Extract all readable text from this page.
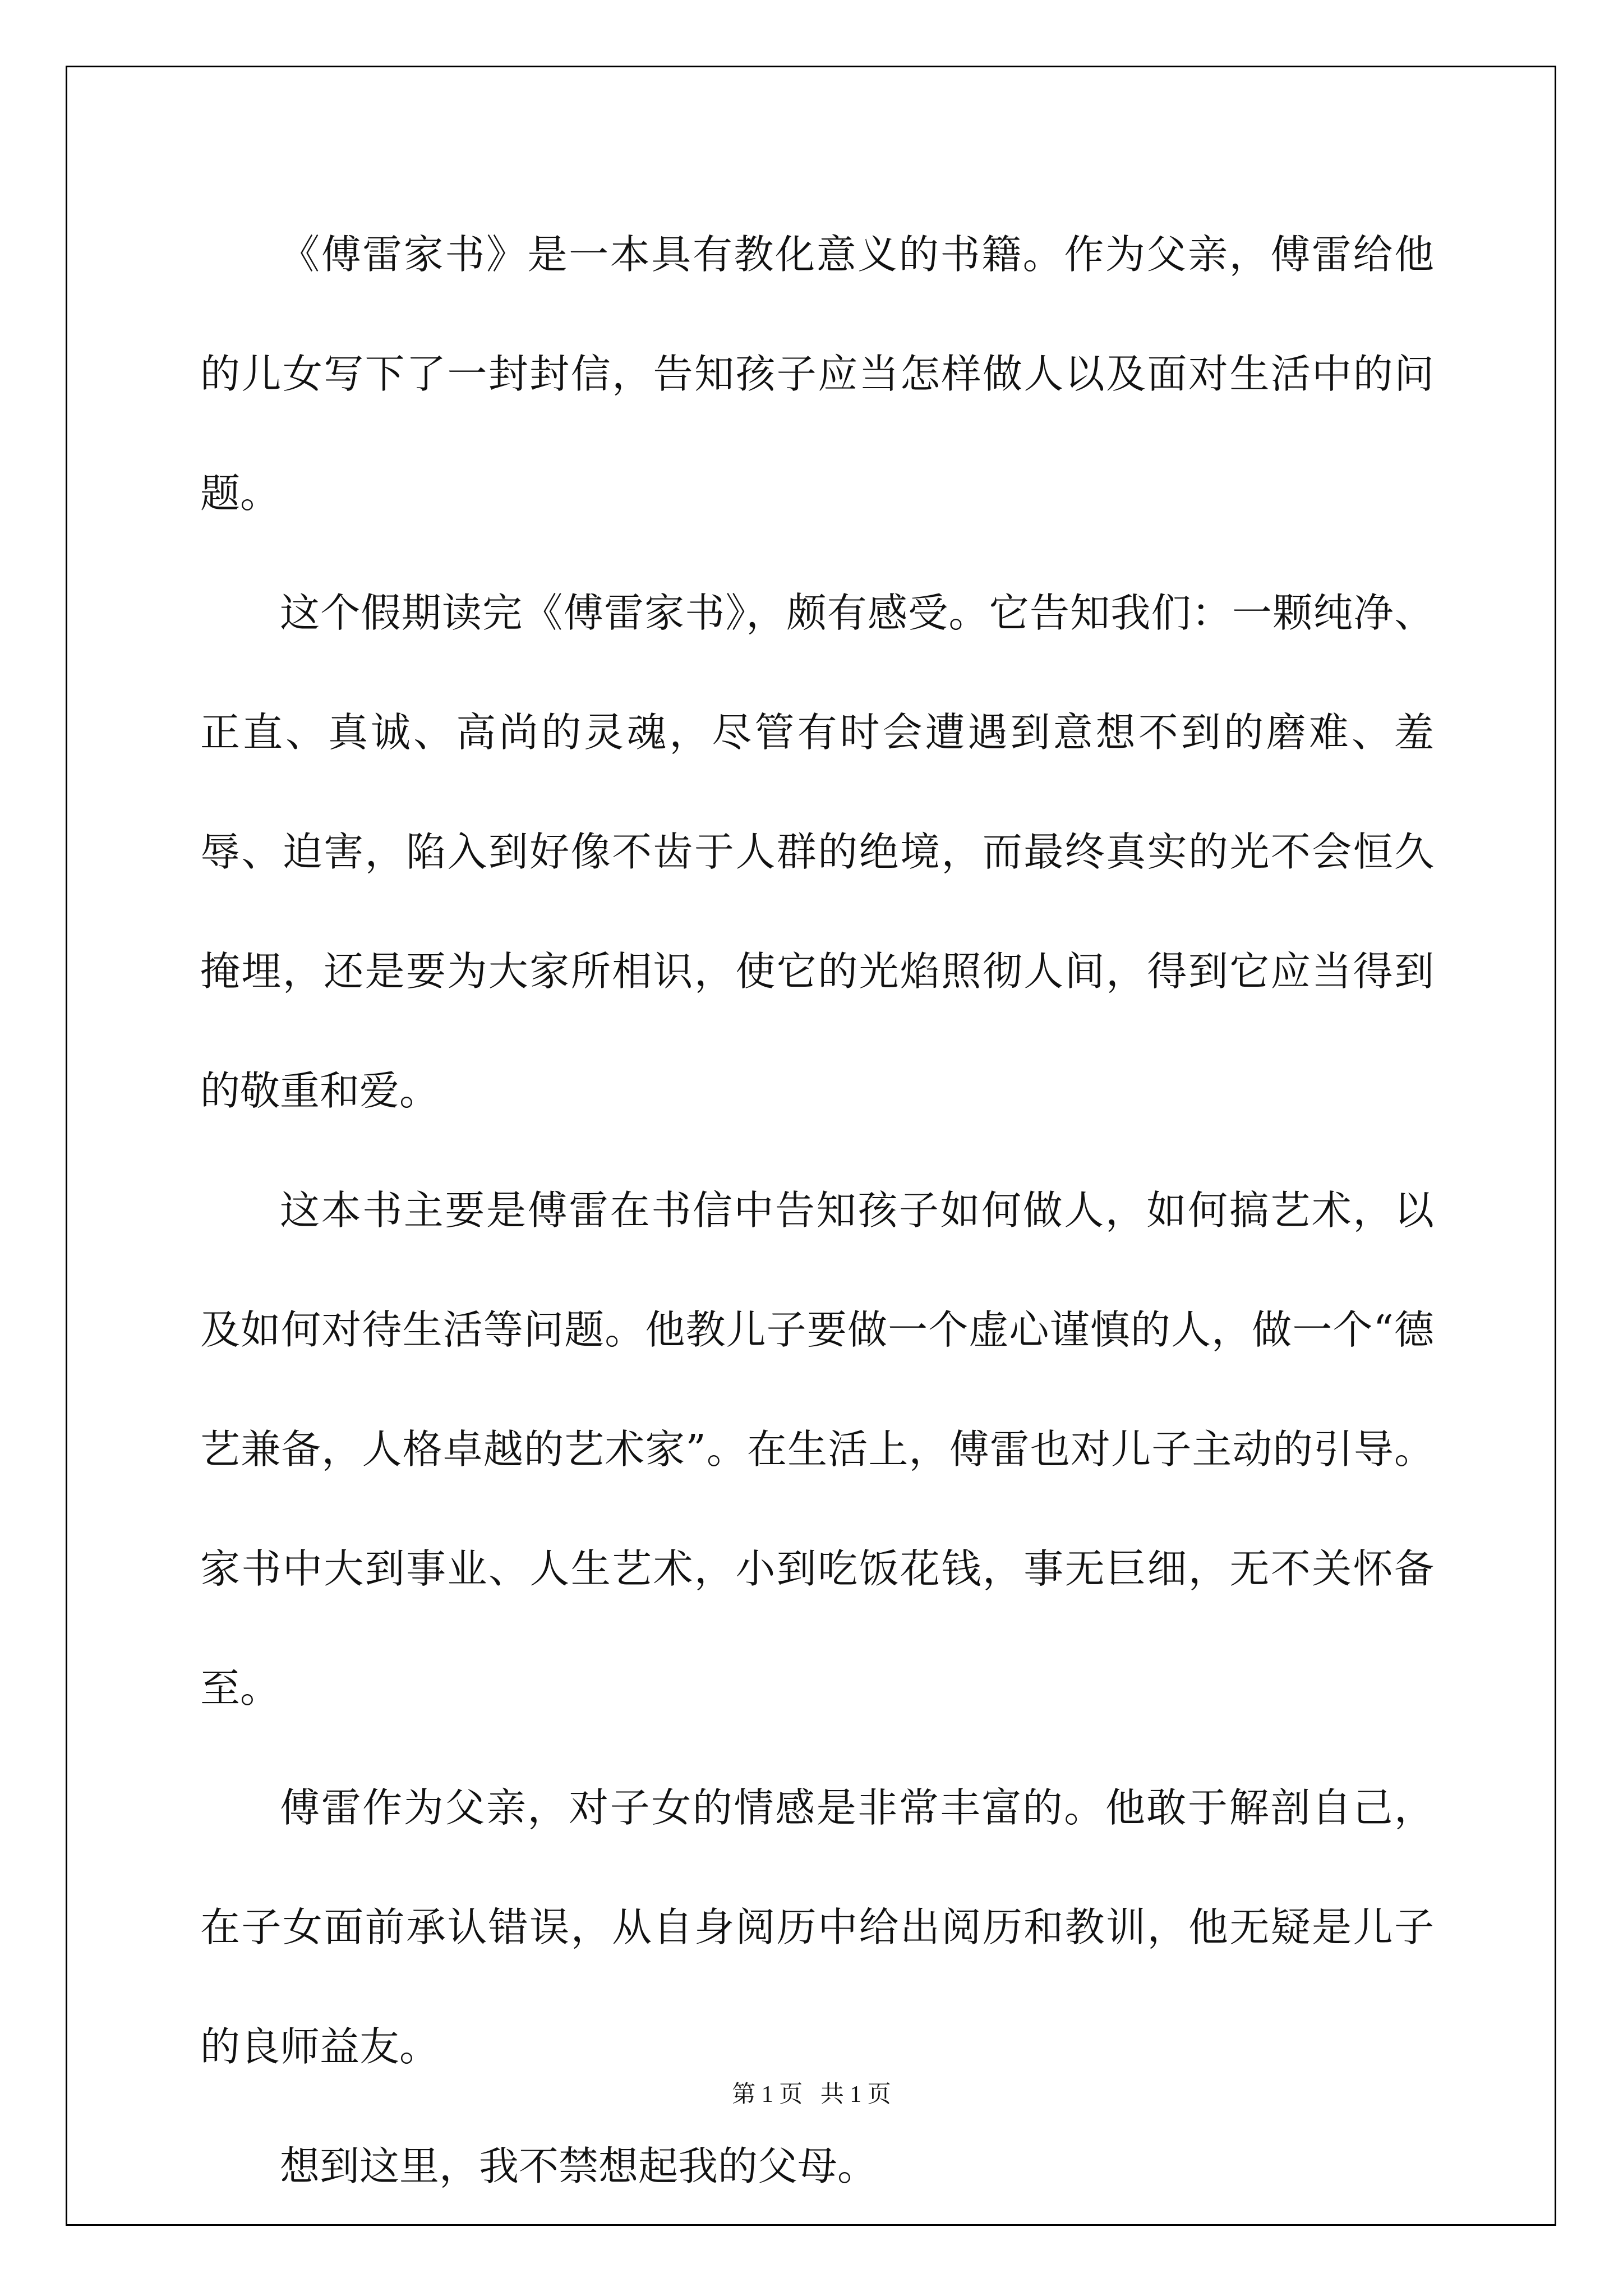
《傅雷家书》是一本具有教化意义的书籍。作为父亲，傅雷给他的儿女写下了一封封信，告知孩子应当怎样做人以及面对生活中的问题。

这个假期读完《傅雷家书》，颇有感受。它告知我们：一颗纯净、正直、真诚、高尚的灵魂，尽管有时会遭遇到意想不到的磨难、羞辱、迫害，陷入到好像不齿于人群的绝境，而最终真实的光不会恒久掩埋，还是要为大家所相识，使它的光焰照彻人间，得到它应当得到的敬重和爱。

这本书主要是傅雷在书信中告知孩子如何做人，如何搞艺术，以及如何对待生活等问题。他教儿子要做一个虚心谨慎的人，做一个“德艺兼备，人格卓越的艺术家”。在生活上，傅雷也对儿子主动的引导。家书中大到事业、人生艺术，小到吃饭花钱，事无巨细，无不关怀备至。

傅雷作为父亲，对子女的情感是非常丰富的。他敢于解剖自己，在子女面前承认错误，从自身阅历中给出阅历和教训，他无疑是儿子的良师益友。

想到这里，我不禁想起我的父母。

第 1 页   共 1 页
